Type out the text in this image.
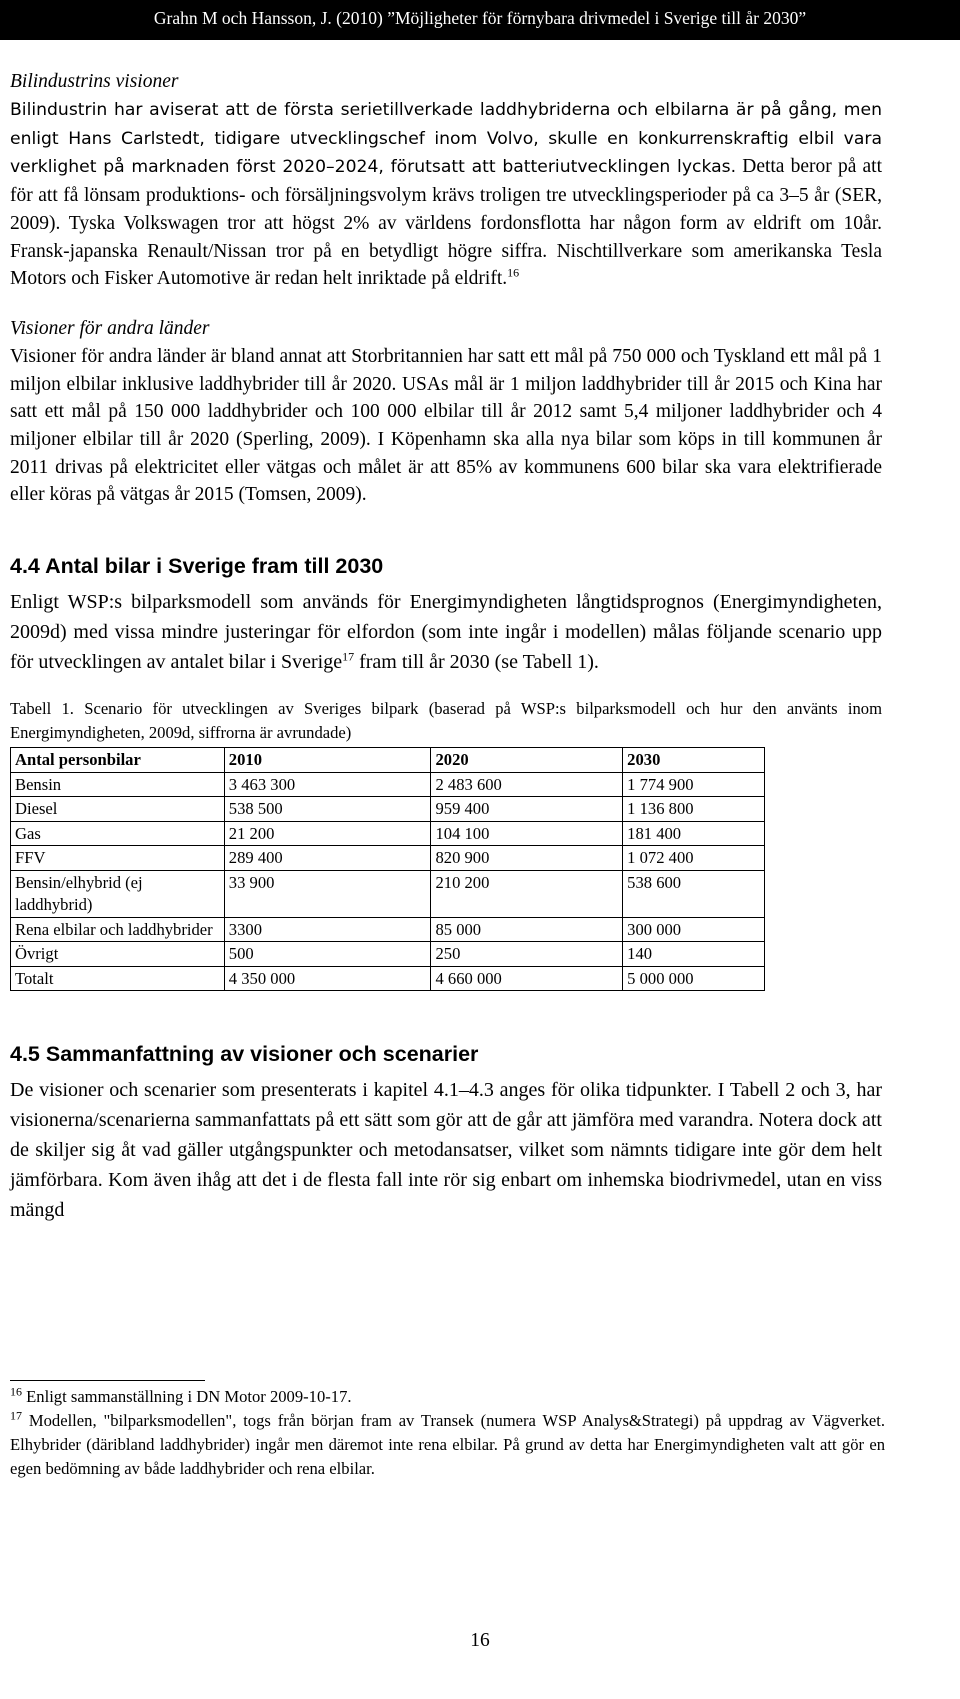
Grahn M och Hansson, J. (2010) ”Möjligheter för förnybara drivmedel i Sverige till år 2030”

Bilindustrins visioner

Bilindustrin har aviserat att de första serietillverkade laddhybriderna och elbilarna är på gång, men enligt Hans Carlstedt, tidigare utvecklingschef inom Volvo, skulle en konkurrenskraftig elbil vara verklighet på marknaden först 2020–2024, förutsatt att batteriutvecklingen lyckas. Detta beror på att för att få lönsam produktions- och försäljningsvolym krävs troligen tre utvecklingsperioder på ca 3–5 år (SER, 2009). Tyska Volkswagen tror att högst 2% av världens fordonsflotta har någon form av eldrift om 10år. Fransk-japanska Renault/Nissan tror på en betydligt högre siffra. Nischtillverkare som amerikanska Tesla Motors och Fisker Automotive är redan helt inriktade på eldrift.$^{16}$

Visioner för andra länder

Visioner för andra länder är bland annat att Storbritannien har satt ett mål på 750 000 och Tyskland ett mål på 1 miljon elbilar inklusive laddhybrider till år 2020. USAs mål är 1 miljon laddhybrider till år 2015 och Kina har satt ett mål på 150 000 laddhybrider och 100 000 elbilar till år 2012 samt 5,4 miljoner laddhybrider och 4 miljoner elbilar till år 2020 (Sperling, 2009). I Köpenhamn ska alla nya bilar som köps in till kommunen år 2011 drivas på elektricitet eller vätgas och målet är att 85% av kommunens 600 bilar ska vara elektrifierade eller köras på vätgas år 2015 (Tomsen, 2009).

4.4 Antal bilar i Sverige fram till 2030

Enligt WSP:s bilparksmodell som används för Energimyndigheten långtidsprognos (Energimyndigheten, 2009d) med vissa mindre justeringar för elfordon (som inte ingår i modellen) målas följande scenario upp för utvecklingen av antalet bilar i Sverige$^{17}$ fram till år 2030 (se Tabell 1).

Tabell 1. Scenario för utvecklingen av Sveriges bilpark (baserad på WSP:s bilparksmodell och hur den använts inom Energimyndigheten, 2009d, siffrorna är avrundade)

Antal personbilar	2010	2020	2030
Bensin	3 463 300	2 483 600	1 774 900
Diesel	538 500	959 400	1 136 800
Gas	21 200	104 100	181 400
FFV	289 400	820 900	1 072 400
Bensin/elhybrid (ej laddhybrid)	33 900	210 200	538 600
Rena elbilar och laddhybrider	3300	85 000	300 000
Övrigt	500	250	140
Totalt	4 350 000	4 660 000	5 000 000
4.5 Sammanfattning av visioner och scenarier

De visioner och scenarier som presenterats i kapitel 4.1–4.3 anges för olika tidpunkter. I Tabell 2 och 3, har visionerna/scenarierna sammanfattats på ett sätt som gör att de går att jämföra med varandra. Notera dock att de skiljer sig åt vad gäller utgångspunkter och metodansatser, vilket som nämnts tidigare inte gör dem helt jämförbara. Kom även ihåg att det i de flesta fall inte rör sig enbart om inhemska biodrivmedel, utan en viss mängd

$^{16}$ Enligt sammanställning i DN Motor 2009-10-17.

$^{17}$ Modellen, "bilparksmodellen", togs från början fram av Transek (numera WSP Analys&Strategi) på uppdrag av Vägverket. Elhybrider (däribland laddhybrider) ingår men däremot inte rena elbilar. På grund av detta har Energimyndigheten valt att gör en egen bedömning av både laddhybrider och rena elbilar.

16
